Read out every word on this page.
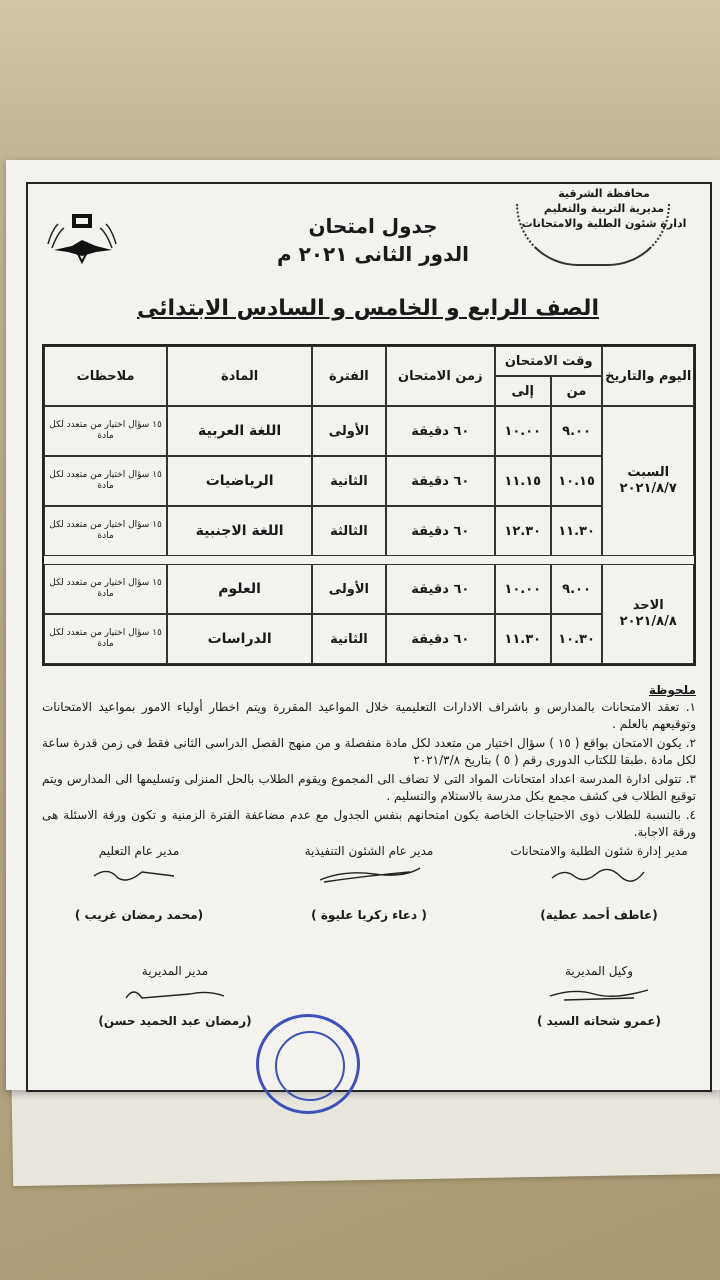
محافظة الشرقية
مديرية التربية والتعليم
ادارة شئون الطلبة والامتحانات
جدول امتحان
الدور الثانى ٢٠٢١ م
الصف الرابع و الخامس و السادس الابتدائى
اليوم والتاريخ	وقت الامتحان		زمن الامتحان	الفترة	المادة	ملاحظات
	من	إلى				

السبت
٢٠٢١/٨/٧	٩.٠٠	١٠.٠٠	٦٠ دقيقة	الأولى	اللغة العربية	١٥ سؤال اختيار من متعدد لكل مادة
	١٠.١٥	١١.١٥	٦٠ دقيقة	الثانية	الرياضيات	١٥ سؤال اختيار من متعدد لكل مادة
	١١.٣٠	١٢.٣٠	٦٠ دقيقة	الثالثة	اللغة الاجنبية	١٥ سؤال اختيار من متعدد لكل مادة

الاحد
٢٠٢١/٨/٨	٩.٠٠	١٠.٠٠	٦٠ دقيقة	الأولى	العلوم	١٥ سؤال اختيار من متعدد لكل مادة
	١٠.٣٠	١١.٣٠	٦٠ دقيقة	الثانية	الدراسات	١٥ سؤال اختيار من متعدد لكل مادة
ملحوظة

١. تعقد الامتحانات بالمدارس و باشراف الادارات التعليمية خلال المواعيد المقررة ويتم اخطار أولياء الامور بمواعيد الامتحانات وتوقيعهم بالعلم .

٢. يكون الامتحان بواقع ( ١٥ ) سؤال اختيار من متعدد لكل مادة منفصلة و من منهج الفصل الدراسى الثانى فقط فى زمن قدرة ساعة لكل مادة .طبقا للكتاب الدورى رقم ( ٥ ) بتاريخ ٢٠٢١/٣/٨

٣. تتولى ادارة المدرسة اعداد امتحانات المواد التى لا تضاف الى المجموع ويقوم الطلاب بالحل المنزلى وتسليمها الى المدارس ويتم توقيع الطلاب فى كشف مجمع بكل مدرسة بالاستلام والتسليم .

٤. بالنسبة للطلاب ذوى الاحتياجات الخاصة يكون امتحانهم بنفس الجدول مع عدم مضاعفة الفترة الزمنية و تكون ورقة الاسئلة هى ورقة الاجابة.

مدير إدارة شئون الطلبة والامتحانات
(عاطف أحمد عطية)
مدير عام الشئون التنفيذية
( دعاء زكريا عليوة )
مدير عام التعليم
(محمد رمضان غريب )
وكيل المديرية
(عمرو شحاته السيد )
مدير المديرية
(رمضان عبد الحميد حسن)
